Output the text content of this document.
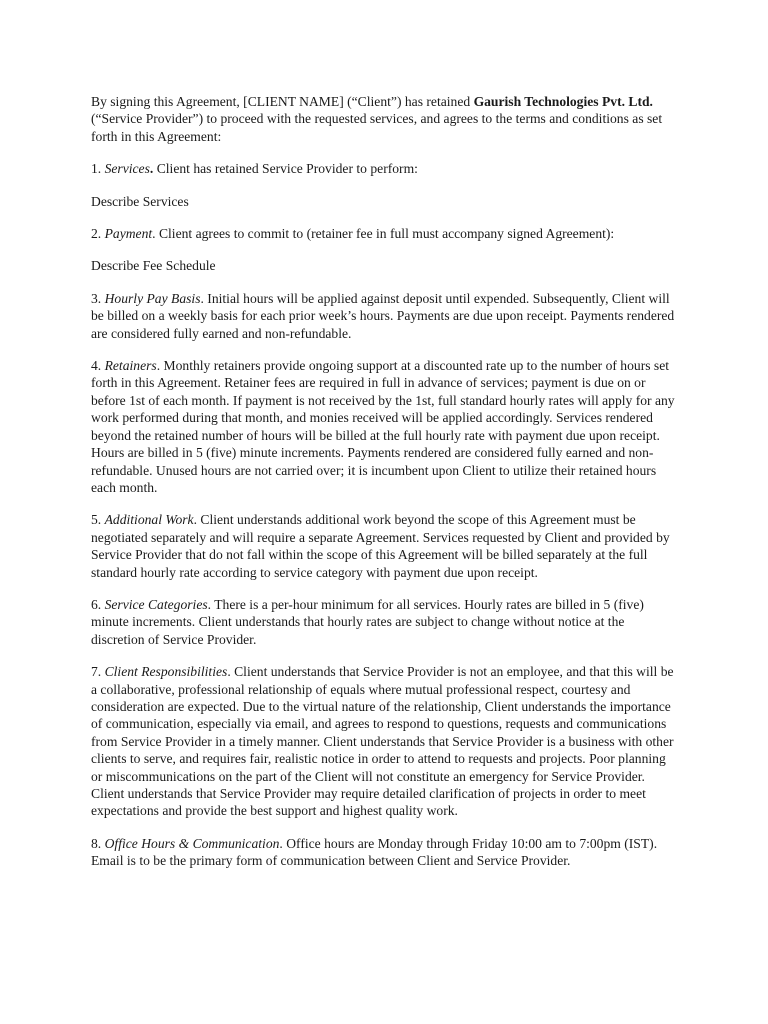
By signing this Agreement, [CLIENT NAME] (“Client”) has retained Gaurish Technologies Pvt. Ltd. (“Service Provider”) to proceed with the requested services, and agrees to the terms and conditions as set forth in this Agreement:

1. Services. Client has retained Service Provider to perform:

Describe Services

2. Payment. Client agrees to commit to (retainer fee in full must accompany signed Agreement):

Describe Fee Schedule

3. Hourly Pay Basis. Initial hours will be applied against deposit until expended. Subsequently, Client will be billed on a weekly basis for each prior week’s hours. Payments are due upon receipt. Payments rendered are considered fully earned and non-refundable.

4. Retainers. Monthly retainers provide ongoing support at a discounted rate up to the number of hours set forth in this Agreement. Retainer fees are required in full in advance of services; payment is due on or before 1st of each month. If payment is not received by the 1st, full standard hourly rates will apply for any work performed during that month, and monies received will be applied accordingly. Services rendered beyond the retained number of hours will be billed at the full hourly rate with payment due upon receipt. Hours are billed in 5 (five) minute increments. Payments rendered are considered fully earned and non-refundable. Unused hours are not carried over; it is incumbent upon Client to utilize their retained hours each month.

5. Additional Work. Client understands additional work beyond the scope of this Agreement must be negotiated separately and will require a separate Agreement. Services requested by Client and provided by Service Provider that do not fall within the scope of this Agreement will be billed separately at the full standard hourly rate according to service category with payment due upon receipt.

6. Service Categories. There is a per-hour minimum for all services. Hourly rates are billed in 5 (five) minute increments. Client understands that hourly rates are subject to change without notice at the discretion of Service Provider.

7. Client Responsibilities. Client understands that Service Provider is not an employee, and that this will be a collaborative, professional relationship of equals where mutual professional respect, courtesy and consideration are expected. Due to the virtual nature of the relationship, Client understands the importance of communication, especially via email, and agrees to respond to questions, requests and communications from Service Provider in a timely manner. Client understands that Service Provider is a business with other clients to serve, and requires fair, realistic notice in order to attend to requests and projects. Poor planning or miscommunications on the part of the Client will not constitute an emergency for Service Provider. Client understands that Service Provider may require detailed clarification of projects in order to meet expectations and provide the best support and highest quality work.

8. Office Hours & Communication. Office hours are Monday through Friday 10:00 am to 7:00pm (IST). Email is to be the primary form of communication between Client and Service Provider.
